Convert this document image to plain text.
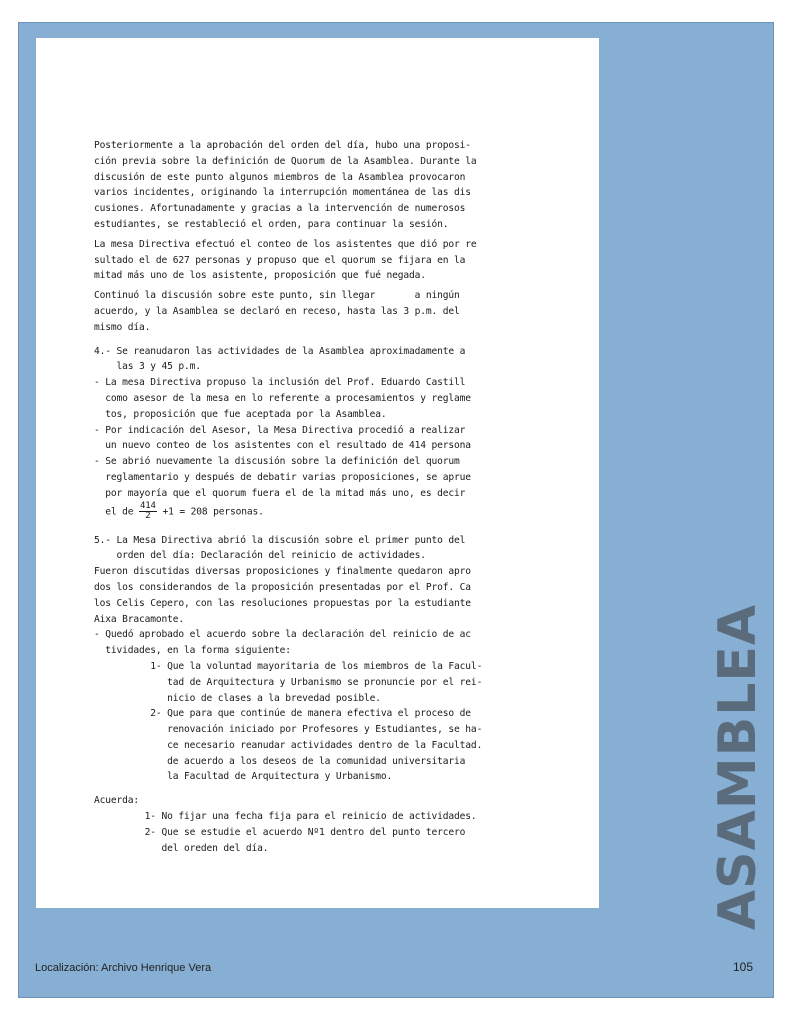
Posteriormente a la aprobación del orden del día, hubo una proposi-

ción previa sobre la definición de Quorum de la Asamblea. Durante la

discusión de este punto algunos miembros de la Asamblea provocaron

varios incidentes, originando la interrupción momentánea de las dis

cusiones. Afortunadamente y gracias a la intervención de numerosos

estudiantes, se restableció el orden, para continuar la sesión.

La mesa Directiva efectuó el conteo de los asistentes que dió por re

sultado el de 627 personas y propuso que el quorum se fijara en la

mitad más uno de los asistente, proposición que fué negada.

Continuó la discusión sobre este punto, sin llegar       a ningún

acuerdo, y la Asamblea se declaró en receso, hasta las 3 p.m. del

mismo día.

4.- Se reanudaron las actividades de la Asamblea aproximadamente a

las 3 y 45 p.m.

- La mesa Directiva propuso la inclusión del Prof. Eduardo Castill

como asesor de la mesa en lo referente a procesamientos y reglame

tos, proposición que fue aceptada por la Asamblea.

- Por indicación del Asesor, la Mesa Directiva procedió a realizar

un nuevo conteo de los asistentes con el resultado de 414 persona

- Se abrió nuevamente la discusión sobre la definición del quorum

reglamentario y después de debatir varias proposiciones, se aprue

por mayoría que el quorum fuera el de la mitad más uno, es decir

el de $\frac{414}{2} +1 = 208$ personas.

5.- La Mesa Directiva abrió la discusión sobre el primer punto del

orden del día: Declaración del reinicio de actividades.

Fueron discutidas diversas proposiciones y finalmente quedaron apro

dos los considerandos de la proposición presentadas por el Prof. Ca

los Celis Cepero, con las resoluciones propuestas por la estudiante

Aixa Bracamonte.

- Quedó aprobado el acuerdo sobre la declaración del reinicio de ac

tividades, en la forma siguiente:

1- Que la voluntad mayoritaria de los miembros de la Facul-

tad de Arquitectura y Urbanismo se pronuncie por el rei-

nicio de clases a la brevedad posible.

2- Que para que continúe de manera efectiva el proceso de

renovación iniciado por Profesores y Estudiantes, se ha-

ce necesario reanudar actividades dentro de la Facultad.

de acuerdo a los deseos de la comunidad universitaria

la Facultad de Arquitectura y Urbanismo.

Acuerda:

1- No fijar una fecha fija para el reinicio de actividades.

2- Que se estudie el acuerdo Nº1 dentro del punto tercero

del oreden del día.	ASAMBLEA
Localización: Archivo Henrique Vera	105
